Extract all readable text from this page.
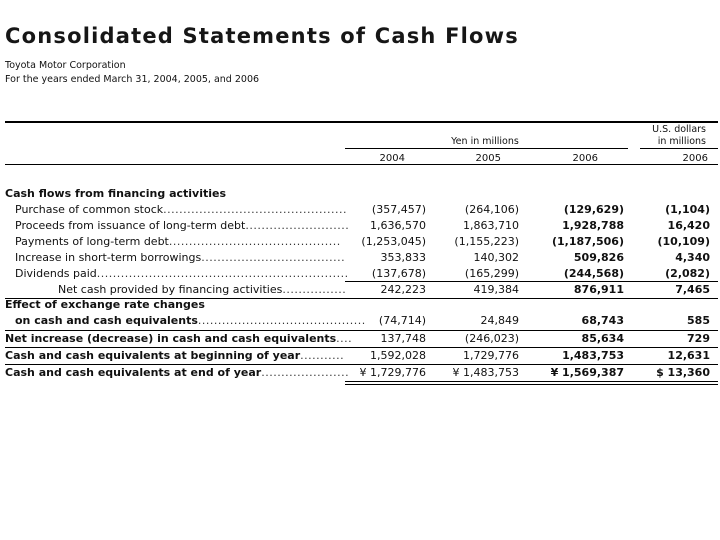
Consolidated Statements of Cash Flows
Toyota Motor Corporation
For the years ended March 31, 2004, 2005, and 2006
Yen in millions
U.S. dollars
in millions
2004	2005	2006	2006
Cash flows from financing activities
Purchase of common stock..............................................	(357,457)	(264,106)	(129,629)	(1,104)
Proceeds from issuance of long-term debt..........................	1,636,570	1,863,710	1,928,788	16,420
Payments of long-term debt...........................................	(1,253,045)	(1,155,223)	(1,187,506)	(10,109)
Increase in short-term borrowings....................................	353,833	140,302	509,826	4,340
Dividends paid...............................................................	(137,678)	(165,299)	(244,568)	(2,082)
Net cash provided by financing activities................	242,223	419,384	876,911	7,465
Effect of exchange rate changes
on cash and cash equivalents..........................................	(74,714)	24,849	68,743	585
Net increase (decrease) in cash and cash equivalents....	137,748	(246,023)	85,634	729
Cash and cash equivalents at beginning of year...........	1,592,028	1,729,776	1,483,753	12,631
Cash and cash equivalents at end of year...................... ¥ 1,729,776	¥ 1,483,753	¥ 1,569,387	$ 13,360
